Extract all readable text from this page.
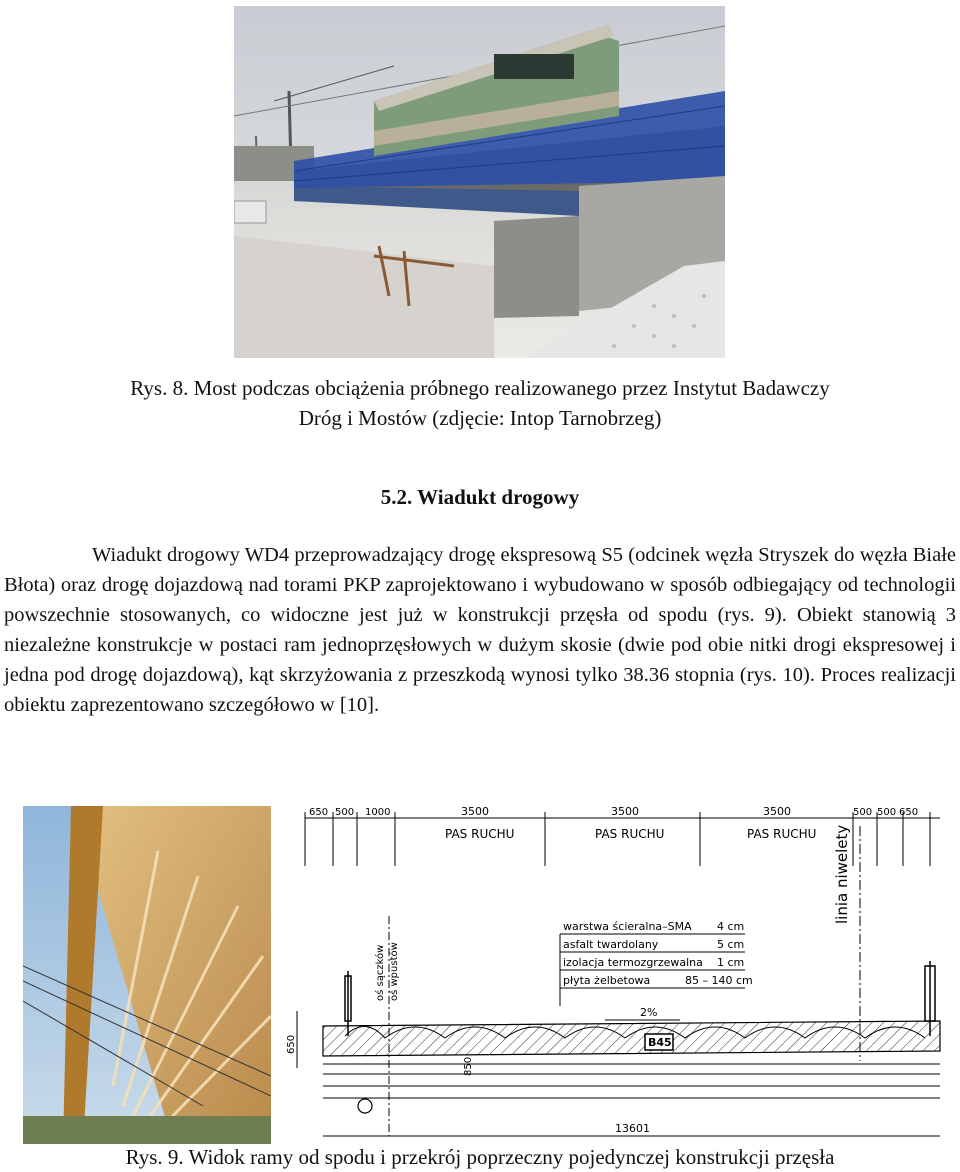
Rys. 8. Most podczas obciążenia próbnego realizowanego przez Instytut Badawczy
Dróg i Mostów (zdjęcie: Intop Tarnobrzeg)
5.2. Wiadukt drogowy

Wiadukt drogowy WD4 przeprowadzający drogę ekspresową S5 (odcinek węzła Stryszek do węzła Białe Błota) oraz drogę dojazdową nad torami PKP zaprojektowano i wybudowano w sposób odbiegający od technologii powszechnie stosowanych, co widoczne jest już w konstrukcji przęsła od spodu (rys. 9). Obiekt stanowią 3 niezależne konstrukcje w postaci ram jednoprzęsłowych w dużym skosie (dwie pod obie nitki drogi ekspresowej i jedna pod drogę dojazdową), kąt skrzyżowania z przeszkodą wynosi tylko 38.36 stopnia (rys. 10). Proces realizacji obiektu zaprezentowano szczegółowo w [10].

650 500 1000	3500	3500	3500	500 500 650
PAS RUCHU	PAS RUCHU	PAS RUCHU
oś sączków oś wpustów
linia niwelety
warstwa ścieralna–SMA 4 cm
asfalt twardolany	5 cm
izolacja termozgrzewalna 1 cm
płyta żelbetowa	85 – 140 cm
2%
B45
650
850
13601
Rys. 9. Widok ramy od spodu i przekrój poprzeczny pojedynczej konstrukcji przęsła
